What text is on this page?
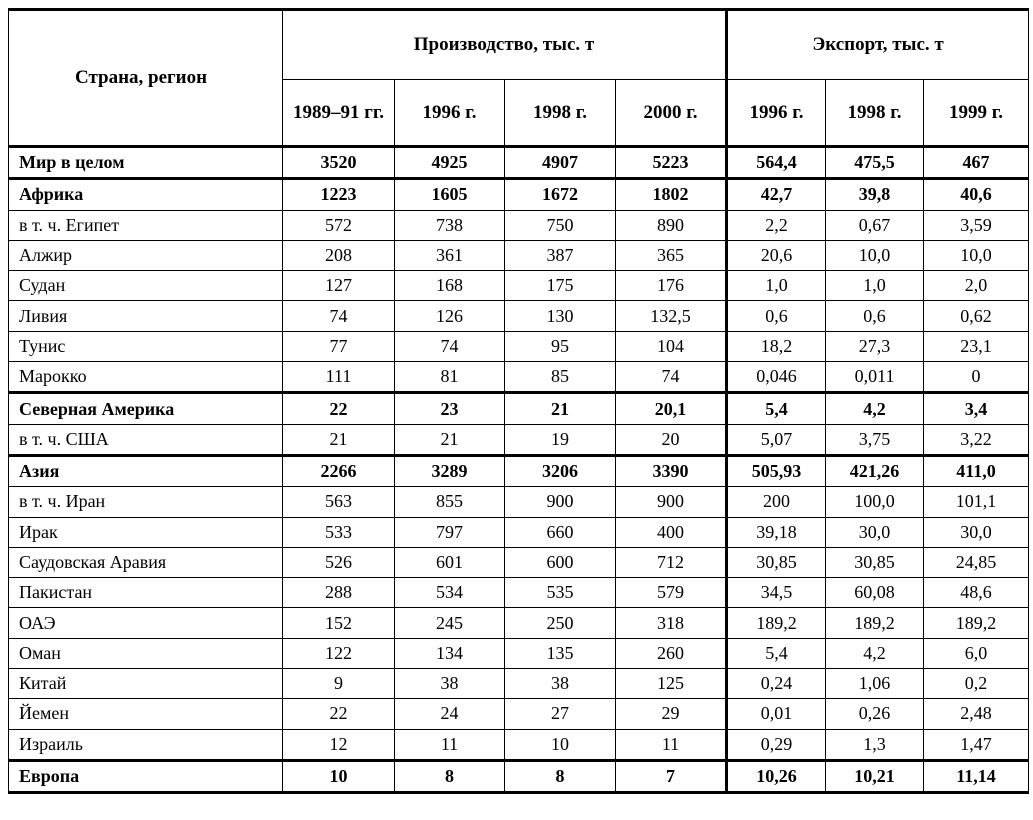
Страна, регион	Производство, тыс. т				Экспорт, тыс. т		
	1989–91 гг.	1996 г.	1998 г.	2000 г.	1996 г.	1998 г.	1999 г.
Мир в целом	3520	4925	4907	5223	564,4	475,5	467
Африка	1223	1605	1672	1802	42,7	39,8	40,6
в т. ч. Египет	572	738	750	890	2,2	0,67	3,59
Алжир	208	361	387	365	20,6	10,0	10,0
Судан	127	168	175	176	1,0	1,0	2,0
Ливия	74	126	130	132,5	0,6	0,6	0,62
Тунис	77	74	95	104	18,2	27,3	23,1
Марокко	111	81	85	74	0,046	0,011	0
Северная Америка	22	23	21	20,1	5,4	4,2	3,4
в т. ч. США	21	21	19	20	5,07	3,75	3,22
Азия	2266	3289	3206	3390	505,93	421,26	411,0
в т. ч. Иран	563	855	900	900	200	100,0	101,1
Ирак	533	797	660	400	39,18	30,0	30,0
Саудовская Аравия	526	601	600	712	30,85	30,85	24,85
Пакистан	288	534	535	579	34,5	60,08	48,6
ОАЭ	152	245	250	318	189,2	189,2	189,2
Оман	122	134	135	260	5,4	4,2	6,0
Китай	9	38	38	125	0,24	1,06	0,2
Йемен	22	24	27	29	0,01	0,26	2,48
Израиль	12	11	10	11	0,29	1,3	1,47
Европа	10	8	8	7	10,26	10,21	11,14
